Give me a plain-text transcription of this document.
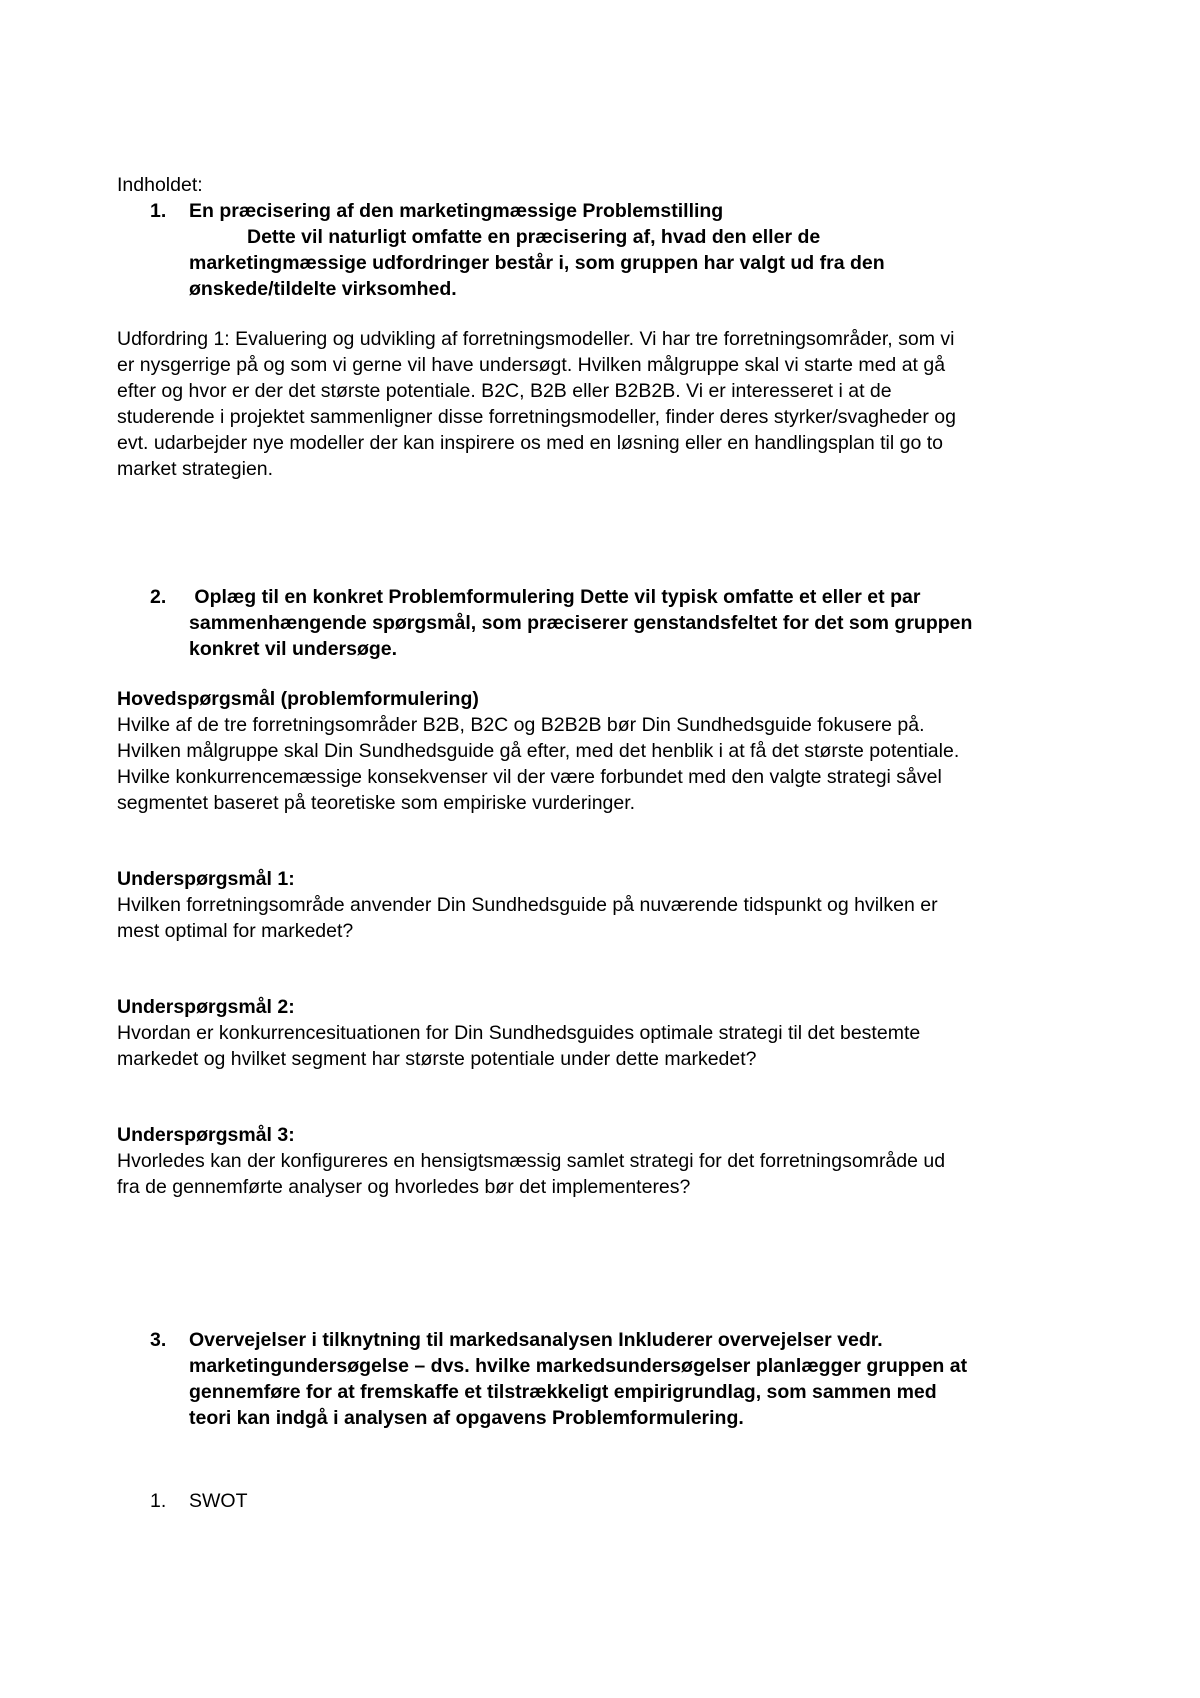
Indholdet:
1.	En præcisering af den marketingmæssige Problemstilling
Dette vil naturligt omfatte en præcisering af, hvad den eller de
marketingmæssige udfordringer består i, som gruppen har valgt ud fra den
ønskede/tildelte virksomhed.
Udfordring 1: Evaluering og udvikling af forretningsmodeller. Vi har tre forretningsområder, som vi
er nysgerrige på og som vi gerne vil have undersøgt. Hvilken målgruppe skal vi starte med at gå
efter og hvor er der det største potentiale. B2C, B2B eller B2B2B. Vi er interesseret i at de
studerende i projektet sammenligner disse forretningsmodeller, finder deres styrker/svagheder og
evt. udarbejder nye modeller der kan inspirere os med en løsning eller en handlingsplan til go to
market strategien.
2.	Oplæg til en konkret Problemformulering Dette vil typisk omfatte et eller et par
sammenhængende spørgsmål, som præciserer genstandsfeltet for det som gruppen
konkret vil undersøge.
Hovedspørgsmål (problemformulering)
Hvilke af de tre forretningsområder B2B, B2C og B2B2B bør Din Sundhedsguide fokusere på.
Hvilken målgruppe skal Din Sundhedsguide gå efter, med det henblik i at få det største potentiale.
Hvilke konkurrencemæssige konsekvenser vil der være forbundet med den valgte strategi såvel
segmentet baseret på teoretiske som empiriske vurderinger.
Underspørgsmål 1:
Hvilken forretningsområde anvender Din Sundhedsguide på nuværende tidspunkt og hvilken er
mest optimal for markedet?
Underspørgsmål 2:
Hvordan er konkurrencesituationen for Din Sundhedsguides optimale strategi til det bestemte
markedet og hvilket segment har største potentiale under dette markedet?
Underspørgsmål 3:
Hvorledes kan der konfigureres en hensigtsmæssig samlet strategi for det forretningsområde ud
fra de gennemførte analyser og hvorledes bør det implementeres?
3.	Overvejelser i tilknytning til markedsanalysen Inkluderer overvejelser vedr.
marketingundersøgelse – dvs. hvilke markedsundersøgelser planlægger gruppen at
gennemføre for at fremskaffe et tilstrækkeligt empirigrundlag, som sammen med
teori kan indgå i analysen af opgavens Problemformulering.
1.	SWOT
